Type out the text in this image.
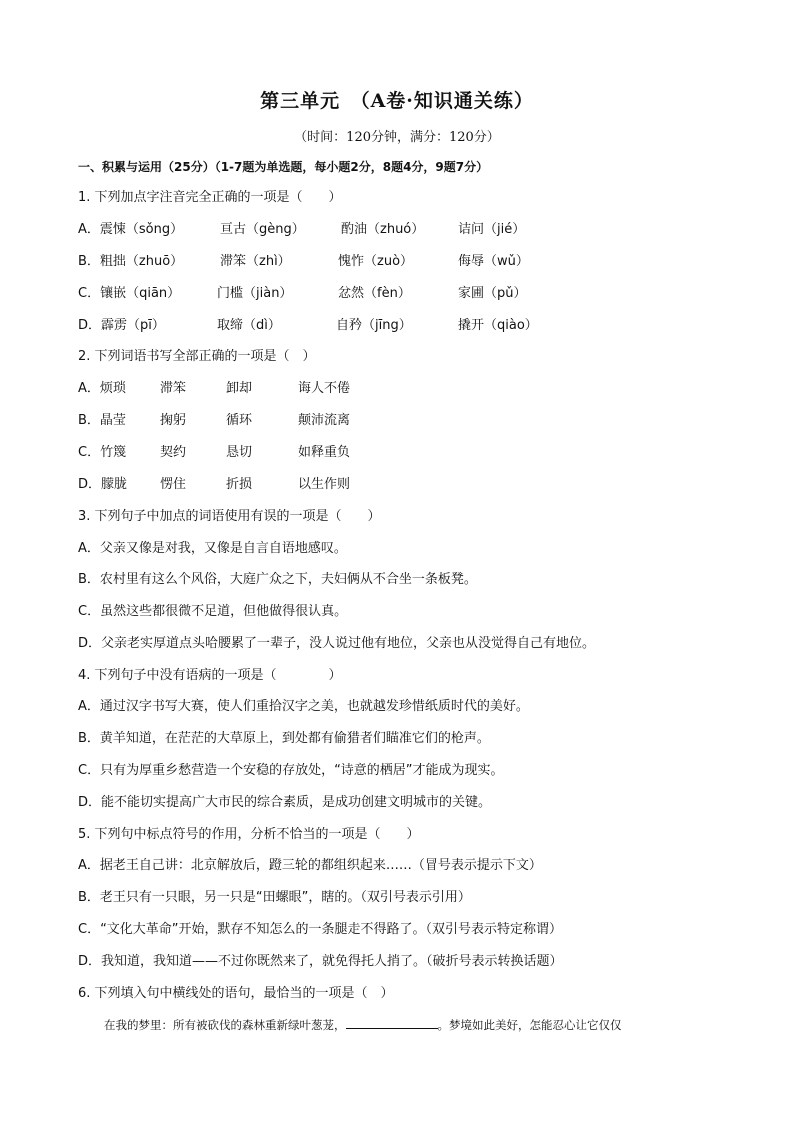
第三单元　（A卷·知识通关练）
（时间：120分钟，满分：120分）
一、积累与运用（25分）（1-7题为单选题，每小题2分，8题4分，9题7分）
1. 下列加点字注音完全正确的一项是（　　）
A．震悚（sǒng）	亘古（gèng）	酌油（zhuó）	诘问（jié）
B．粗拙（zhuō）	滞笨（zhì）	愧怍（zuò）	侮辱（wǔ）
C．镶嵌（qiān）	门槛（jiàn）	忿然（fèn）	家圃（pǔ）
D．霹雳（pī）	取缔（dì）	自矜（jīng）	撬开（qiào）
2. 下列词语书写全部正确的一项是（　）
A．烦琐	滞笨	卸却	诲人不倦
B．晶莹	掬躬	循环	颠沛流离
C．竹篾	契约	恳切	如释重负
D．朦胧	愣住	折损	以生作则
3. 下列句子中加点的词语使用有误的一项是（　　）
A．父亲又像是对我，又像是自言自语地感叹。
B．农村里有这么个风俗，大庭广众之下，夫妇俩从不合坐一条板凳。
C．虽然这些都很微不足道，但他做得很认真。
D．父亲老实厚道点头哈腰累了一辈子，没人说过他有地位，父亲也从没觉得自己有地位。
4. 下列句子中没有语病的一项是（　　　　）
A．通过汉字书写大赛，使人们重拾汉字之美，也就越发珍惜纸质时代的美好。
B．黄羊知道，在茫茫的大草原上，到处都有偷猎者们瞄准它们的枪声。
C．只有为厚重乡愁营造一个安稳的存放处，“诗意的栖居”才能成为现实。
D．能不能切实提高广大市民的综合素质，是成功创建文明城市的关键。
5. 下列句中标点符号的作用，分析不恰当的一项是（　　）
A．据老王自己讲：北京解放后，蹬三轮的都组织起来……（冒号表示提示下文）
B．老王只有一只眼，另一只是“田螺眼”，瞎的。（双引号表示引用）
C．“文化大革命”开始，默存不知怎么的一条腿走不得路了。（双引号表示特定称谓）
D．我知道，我知道——不过你既然来了，就免得托人捎了。（破折号表示转换话题）
6. 下列填入句中横线处的语句，最恰当的一项是（　）
在我的梦里：所有被砍伐的森林重新绿叶葱茏，	。梦境如此美好，怎能忍心让它仅仅
